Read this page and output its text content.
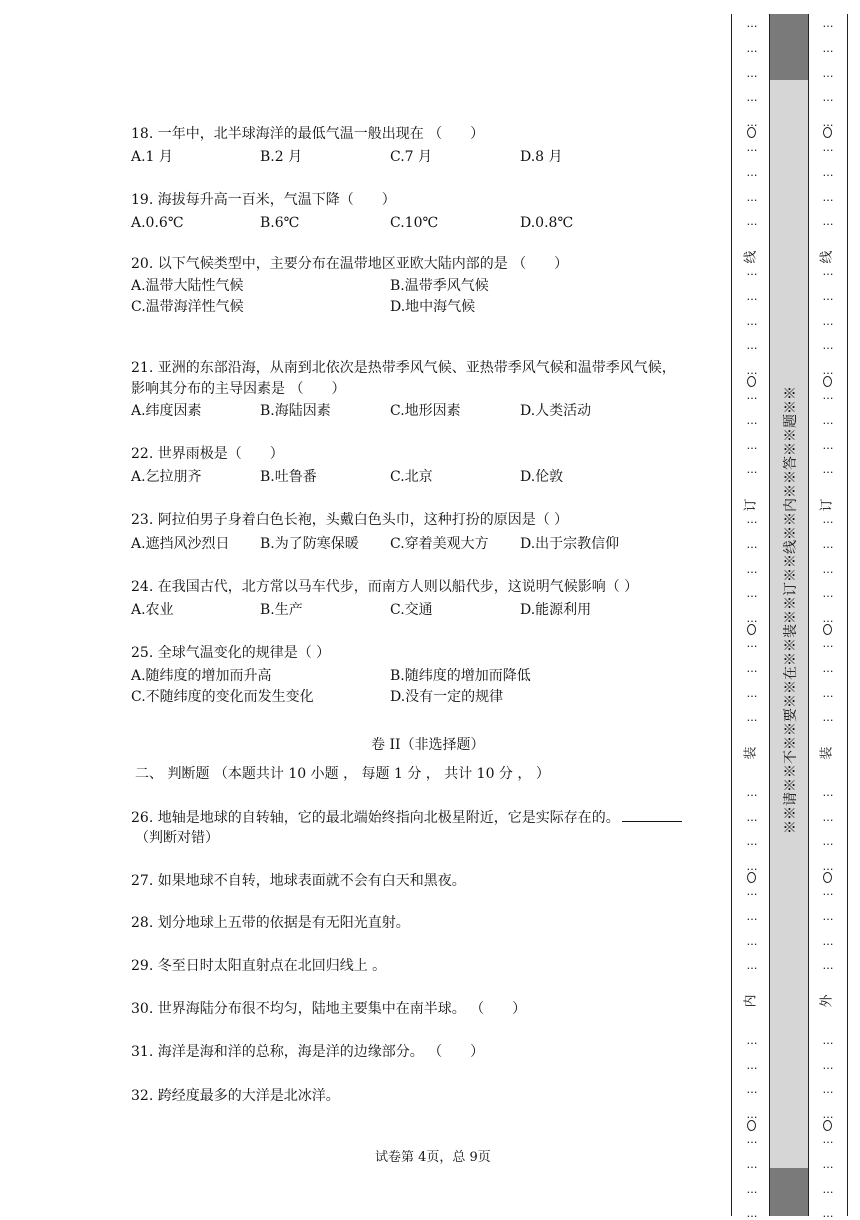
18. 一年中，北半球海洋的最低气温一般出现在 （　　）
A.1 月	B.2 月	C.7 月	D.8 月
19. 海拔每升高一百米，气温下降（　　）
A.0.6℃	B.6℃	C.10℃	D.0.8℃
20. 以下气候类型中，主要分布在温带地区亚欧大陆内部的是 （　　）
A.温带大陆性气候	B.温带季风气候
C.温带海洋性气候	D.地中海气候
21. 亚洲的东部沿海，从南到北依次是热带季风气候、亚热带季风气候和温带季风气候，
影响其分布的主导因素是 （　　）
A.纬度因素	B.海陆因素	C.地形因素	D.人类活动
22. 世界雨极是（　　）
A.乞拉朋齐	B.吐鲁番	C.北京	D.伦敦
23. 阿拉伯男子身着白色长袍，头戴白色头巾，这种打扮的原因是（ ）
A.遮挡风沙烈日 B.为了防寒保暖 C.穿着美观大方 D.出于宗教信仰
24. 在我国古代，北方常以马车代步，而南方人则以船代步，这说明气候影响（ ）
A.农业	B.生产	C.交通	D.能源利用
25. 全球气温变化的规律是（ ）
A.随纬度的增加而升高	B.随纬度的增加而降低
C.不随纬度的变化而发生变化	D.没有一定的规律
卷 II（非选择题）
二、 判断题 （本题共计 10 小题 ， 每题 1 分 ， 共计 10 分 ， ）
26. 地轴是地球的自转轴，它的最北端始终指向北极星附近，它是实际存在的。
（判断对错）
27. 如果地球不自转，地球表面就不会有白天和黑夜。
28. 划分地球上五带的依据是有无阳光直射。
29. 冬至日时太阳直射点在北回归线上 。
30. 世界海陆分布很不均匀，陆地主要集中在南半球。 （　　）
31. 海洋是海和洋的总称，海是洋的边缘部分。 （　　）
32. 跨经度最多的大洋是北冰洋。
试卷第 4页，总 9页
…
…
…
…
…
…
…
…
…
…
…
…
…
…
…
…
…
…
…
…
…
…
…
…
…
…
…
…
…
…
…
…
…
…
…
…
…
…
…
…
…
…
…
线
订
装
内
※※请※※不※※要※※在※※装※※订※※线※※内※※答※※题※※
…
…
…
…
…
…
…
…
…
…
…
…
…
…
…
…
…
…
…
…
…
…
…
…
…
…
…
…
…
…
…
…
…
…
…
…
…
…
…
…
…
…
…
线
订
装
外
